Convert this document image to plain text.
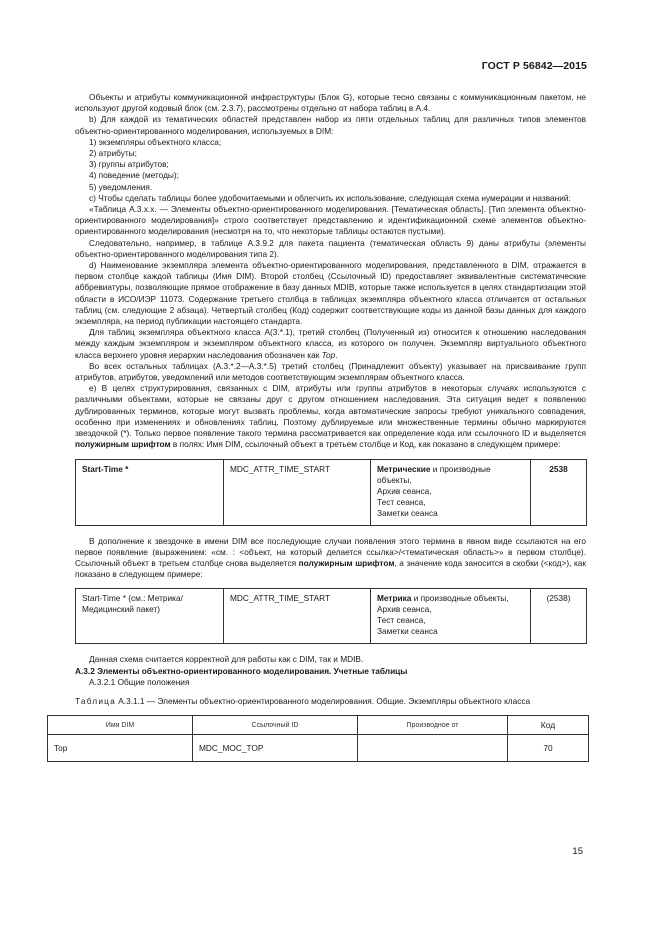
ГОСТ Р 56842—2015

Объекты и атрибуты коммуникационной инфраструктуры (Блок G), которые тесно связаны с коммуникационным пакетом, не используют другой кодовый блок (см. 2.3.7), рассмотрены отдельно от набора таблиц в А.4.

b) Для каждой из тематических областей представлен набор из пяти отдельных таблиц для различных типов элементов объектно-ориентированного моделирования, используемых в DIM:

1) экземпляры объектного класса;

2) атрибуты;

3) группы атрибутов;

4) поведение (методы);

5) уведомления.

c) Чтобы сделать таблицы более удобочитаемыми и облегчить их использование, следующая схема нумерации и названий:

«Таблица А.3.x.x. — Элементы объектно-ориентированного моделирования. [Тематическая область]. [Тип элемента объектно-ориентированного моделирования]» строго соответствует представлению и идентификационной схеме элементов объектно-ориентированного моделирования (несмотря на то, что некоторые таблицы остаются пустыми).

Следовательно, например, в таблице А.3.9.2 для пакета пациента (тематическая область 9) даны атрибуты (элементы объектно-ориентированного моделирования типа 2).

d) Наименование экземпляра элемента объектно-ориентированного моделирования, представленного в DIM, отражается в первом столбце каждой таблицы (Имя DIM). Второй столбец (Ссылочный ID) предоставляет эквивалентные систематические аббревиатуры, позволяющие прямое отображение в базу данных MDIB, которые также используется в целях стандартизации этой области в ИСО/ИЭР 11073. Содержание третьего столбца в таблицах экземпляра объектного класса отличается от остальных таблиц (см. следующие 2 абзаца). Четвертый столбец (Код) содержит соответствующие коды из данной базы данных для каждого экземпляра, на период публикации настоящего стандарта.

Для таблиц экземпляра объектного класса А(3.*.1), третий столбец (Полученный из) относится к отношению наследования между каждым экземпляром и экземпляром объектного класса, из которого он получен. Экземпляр виртуального объектного класса верхнего уровня иерархии наследования обозначен как Top.

Во всех остальных таблицах (А.3.*.2—А.3.*.5) третий столбец (Принадлежит объекту) указывает на присваивание групп атрибутов, атрибутов, уведомлений или методов соответствующим экземплярам объектного класса.

e) В целях структурирования, связанных с DIM, атрибуты или группы атрибутов в некоторых случаях используются с различными объектами, которые не связаны друг с другом отношением наследования. Эта ситуация ведет к появлению дублированных терминов, которые могут вызвать проблемы, когда автоматические запросы требуют уникального совпадения, особенно при изменениях и обновлениях таблиц. Поэтому дублируемые или множественные термины обычно маркируются звездочкой (*). Только первое появление такого термина рассматривается как определение кода или ссылочного ID и выделяется полужирным шрифтом в полях: Имя DIM, ссылочный объект в третьем столбце и Код, как показано в следующем примере:

Start-Time *	MDC_ATTR_TIME_START	Метрические и производные объекты,
Архив сеанса,
Тест сеанса,
Заметки сеанса
	2538

В дополнение к звездочке в имени DIM все последующие случаи появления этого термина в явном виде ссылаются на его первое появление (выражением: «см. : <объект, на который делается ссылка>/<тематическая область>» в первом столбце). Ссылочный объект в третьем столбце снова выделяется полужирным шрифтом, а значение кода заносится в скобки (<код>), как показано в следующем примере:

Start-Time * (см.: Метрика/ Медицинский пакет)	MDC_ATTR_TIME_START	Метрика и производные объекты,
Архив сеанса,
Тест сеанса,
Заметки сеанса
	(2538)

Данная схема считается корректной для работы как с DIM, так и MDIB.

А.3.2 Элементы объектно-ориентированного моделирования. Учетные таблицы

А.3.2.1 Общие положения

Таблица А.3.1.1 — Элементы объектно-ориентированного моделирования. Общие. Экземпляры объектного класса

Имя DIM	Ссылочный ID	Производное от	Код
Top	MDC_MOC_TOP		70
15
